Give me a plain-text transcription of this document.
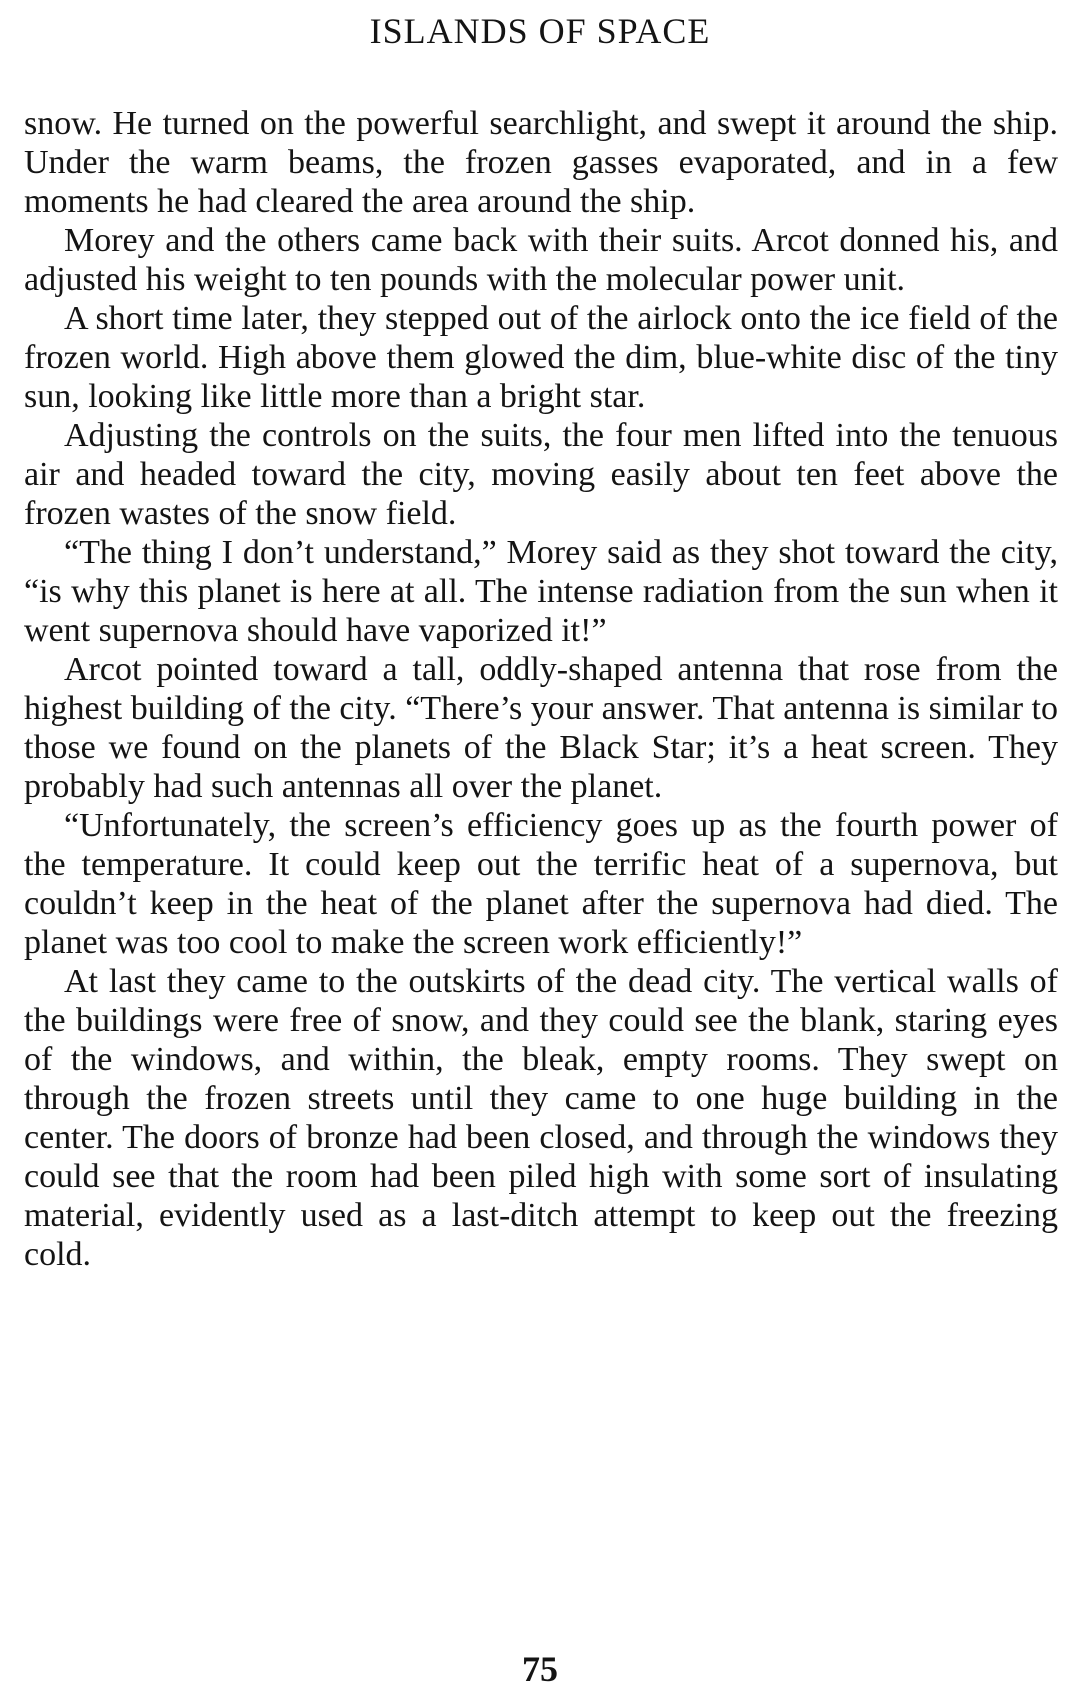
ISLANDS OF SPACE

snow. He turned on the powerful searchlight, and swept it around the ship. Under the warm beams, the frozen gasses evaporated, and in a few moments he had cleared the area around the ship.

Morey and the others came back with their suits. Arcot donned his, and adjusted his weight to ten pounds with the molecular power unit.

A short time later, they stepped out of the airlock onto the ice field of the frozen world. High above them glowed the dim, blue-white disc of the tiny sun, looking like little more than a bright star.

Adjusting the controls on the suits, the four men lifted into the tenuous air and headed toward the city, moving easily about ten feet above the frozen wastes of the snow field.

“The thing I don’t understand,” Morey said as they shot toward the city, “is why this planet is here at all. The intense radiation from the sun when it went supernova should have vaporized it!”

Arcot pointed toward a tall, oddly-shaped antenna that rose from the highest building of the city. “There’s your answer. That antenna is similar to those we found on the planets of the Black Star; it’s a heat screen. They probably had such antennas all over the planet.

“Unfortunately, the screen’s efficiency goes up as the fourth power of the temperature. It could keep out the terrific heat of a supernova, but couldn’t keep in the heat of the planet after the supernova had died. The planet was too cool to make the screen work efficiently!”

At last they came to the outskirts of the dead city. The vertical walls of the buildings were free of snow, and they could see the blank, staring eyes of the windows, and within, the bleak, empty rooms. They swept on through the frozen streets until they came to one huge building in the center. The doors of bronze had been closed, and through the windows they could see that the room had been piled high with some sort of insulating material, evidently used as a last-ditch attempt to keep out the freezing cold.

75
